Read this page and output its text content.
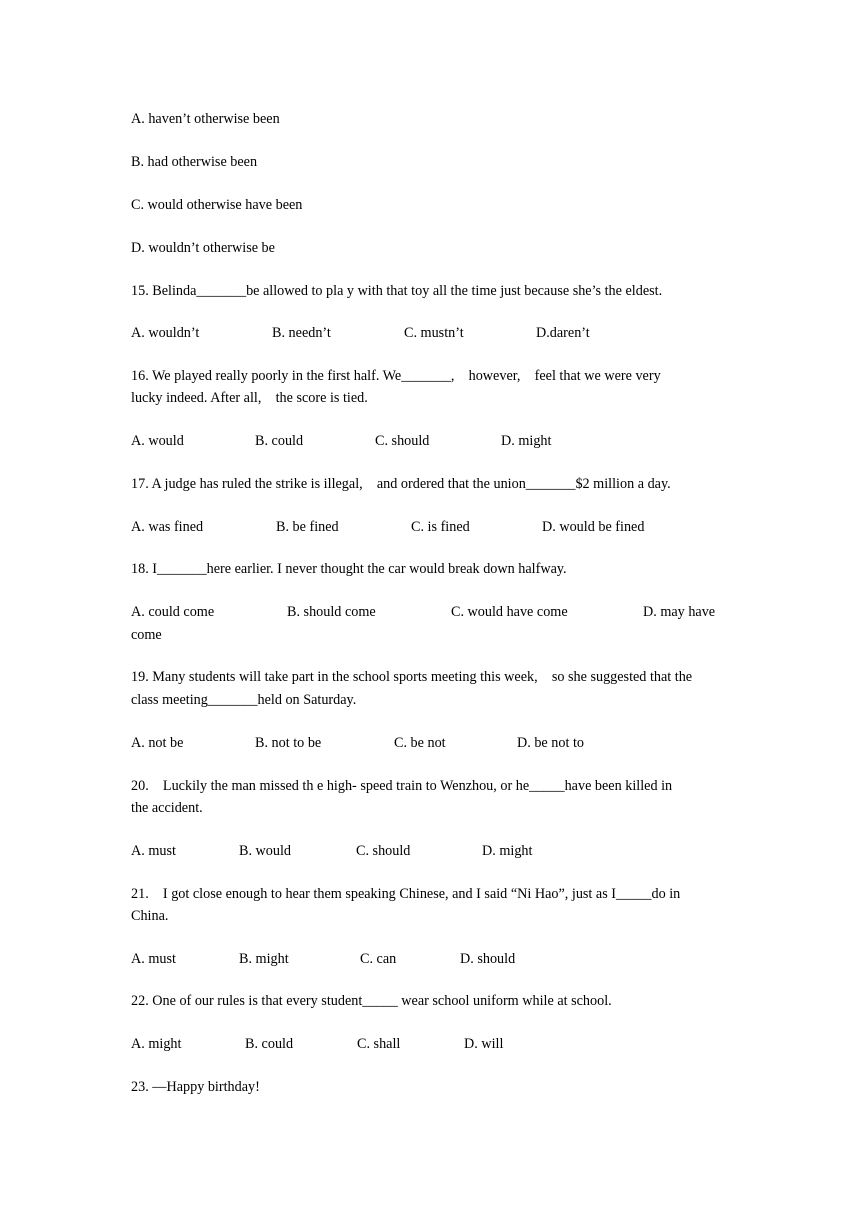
A. haven’t otherwise been
B. had otherwise been
C. would otherwise have been
D. wouldn’t otherwise be
15. Belinda_______be allowed to pla y with that toy all the time just because she’s the eldest.
A. wouldn’t	B. needn’t	C. mustn’t	D.daren’t
16. We played really poorly in the first half. We_______,    however,    feel that we were very
lucky indeed. After all,    the score is tied.
A. would	B. could	C. should	D. might
17. A judge has ruled the strike is illegal,    and ordered that the union_______$2 million a day.
A. was fined	B. be fined	C. is fined	D. would be fined
18. I_______here earlier. I never thought the car would break down halfway.
A. could come	B. should come	C. would have come	D. may have
come
19. Many students will take part in the school sports meeting this week,    so she suggested that the
class meeting_______held on Saturday.
A. not be	B. not to be	C. be not	D. be not to
20.    Luckily the man missed th e high- speed train to Wenzhou, or he_____have been killed in
the accident.
A. must	B. would	C. should	D. might
21.    I got close enough to hear them speaking Chinese, and I said “Ni Hao”, just as I_____do in
China.
A. must	B. might	C. can	D. should
22. One of our rules is that every student_____ wear school uniform while at school.
A. might	B. could	C. shall	D. will
23. —Happy birthday!
